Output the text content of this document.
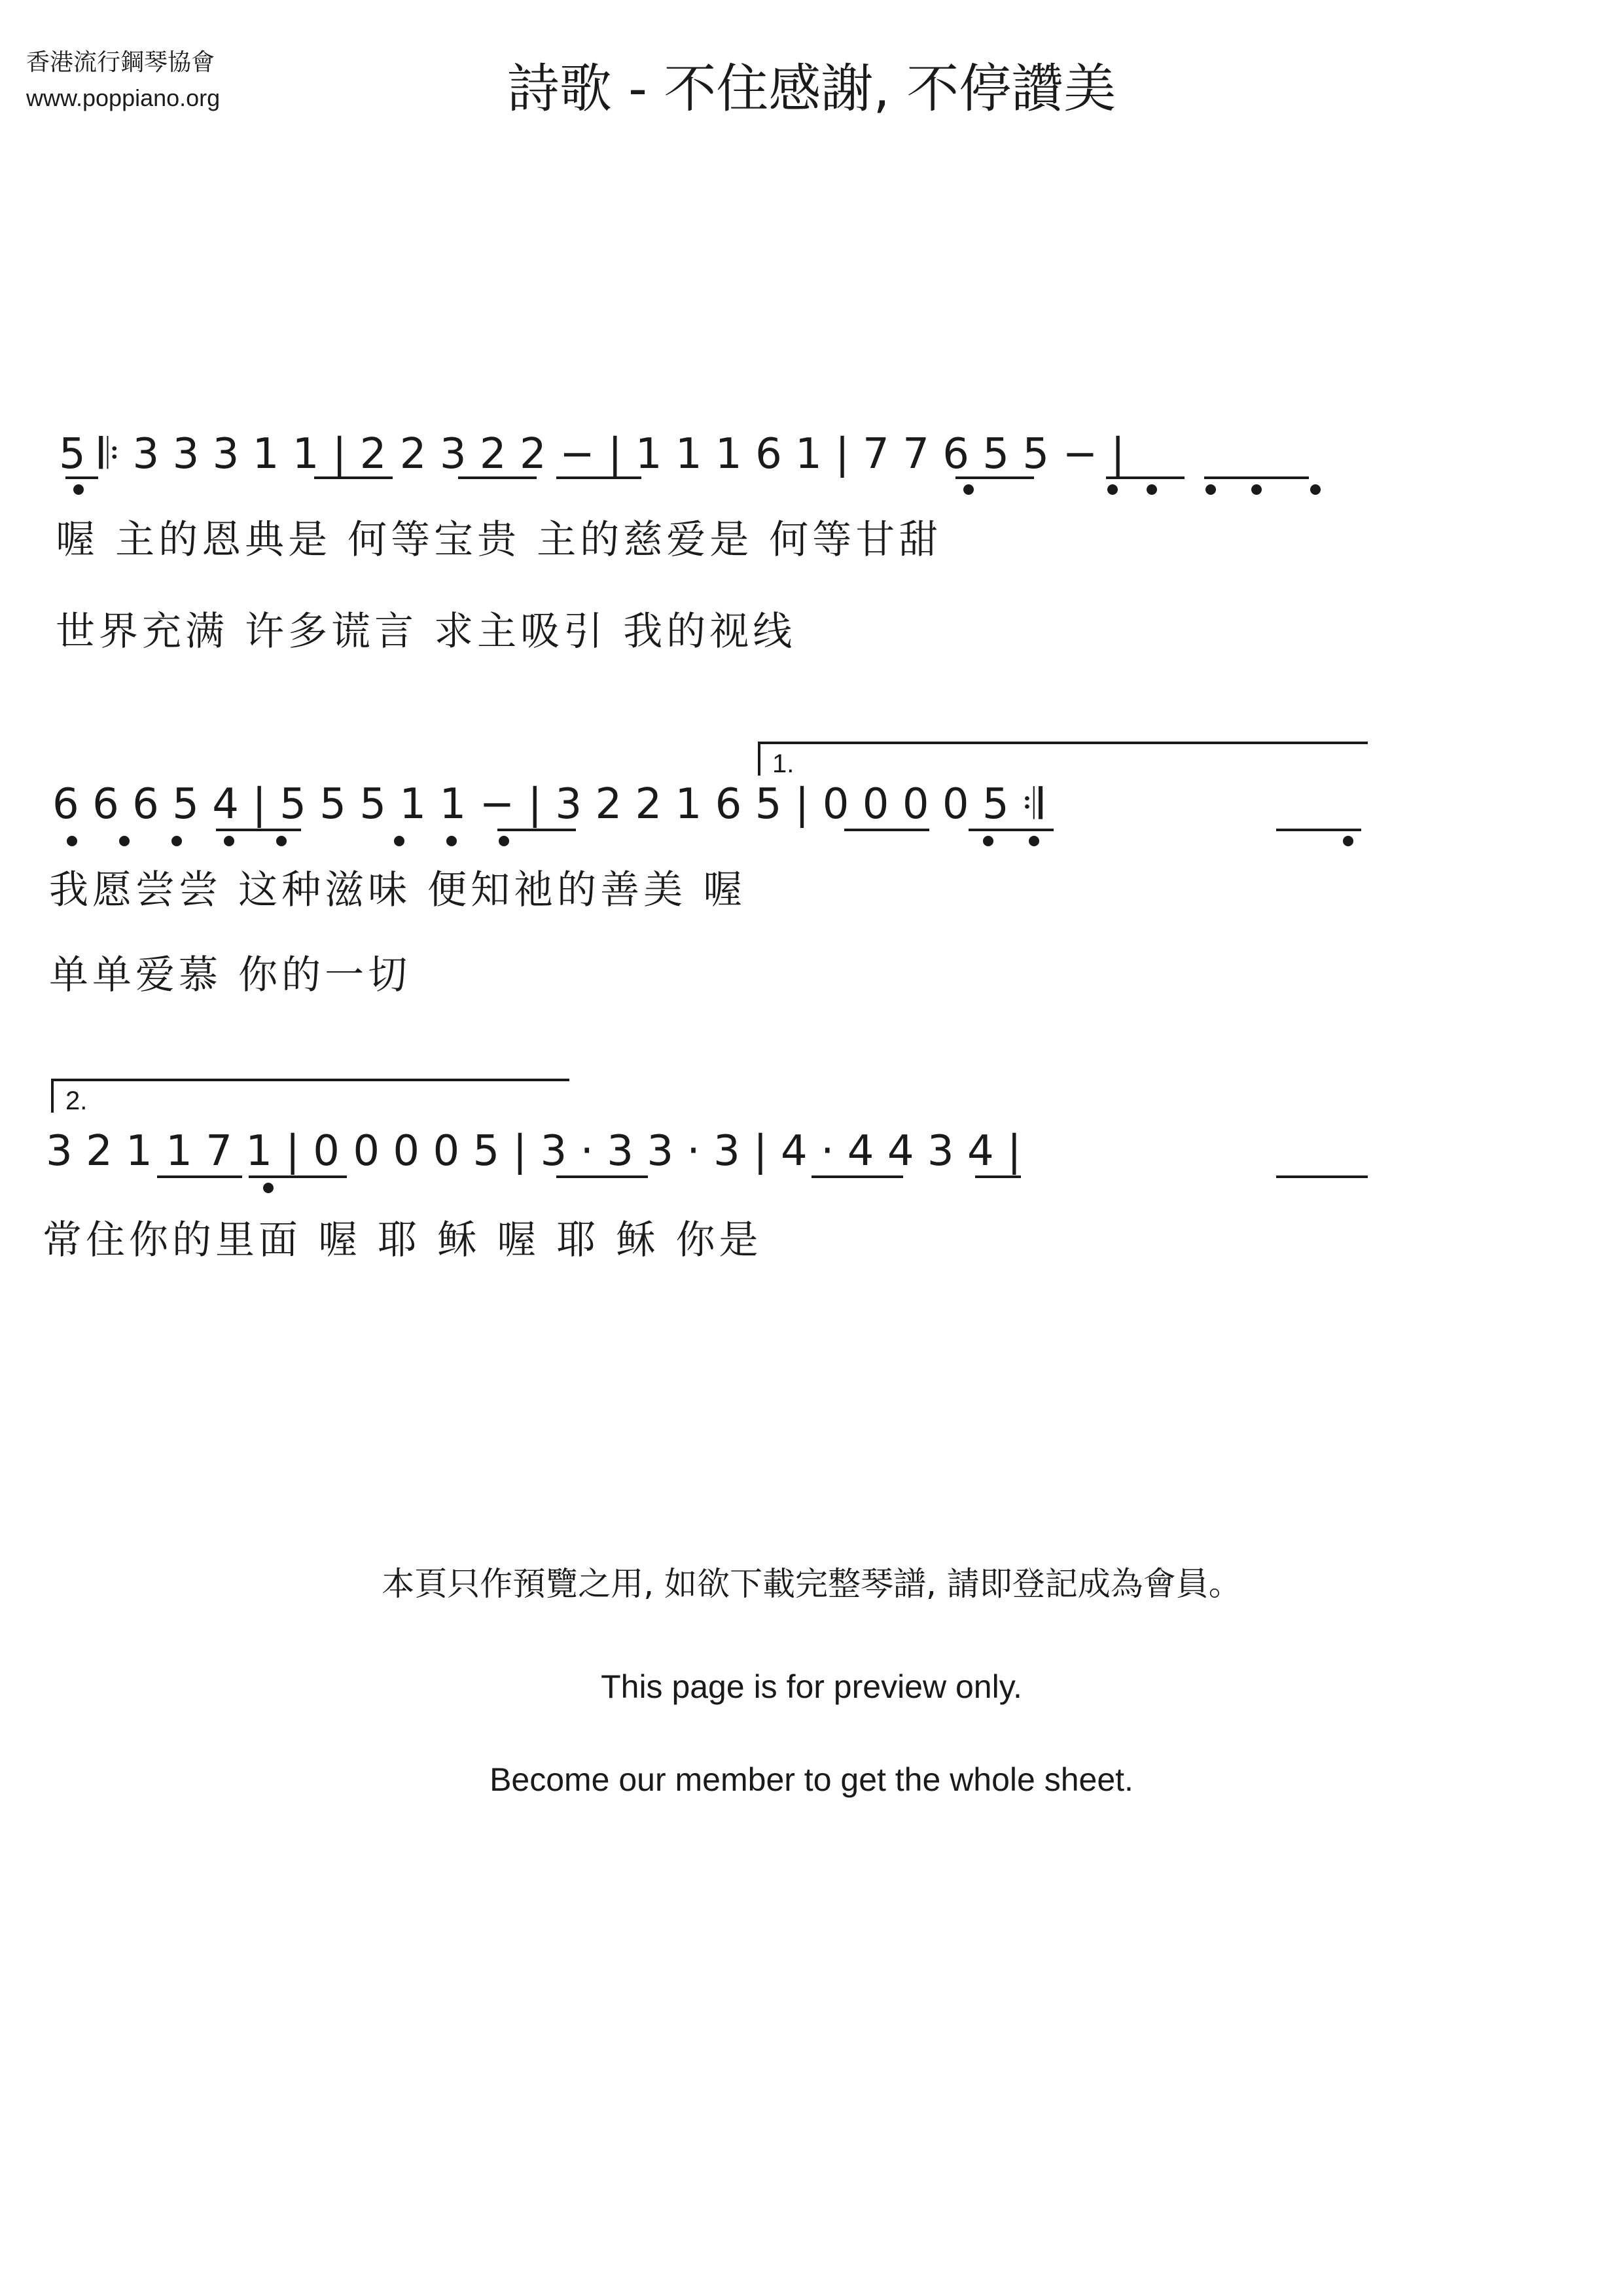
香港流行鋼琴協會
www.poppiano.org	詩歌 - 不住感謝, 不停讚美
5 𝄆 3 3 3 1 1 | 2 2 3 2 2 − | 1 1 1 6 1 | 7 7 6 5 5 − |
喔 主的恩典是 何等宝贵 主的慈爱是 何等甘甜
世界充满 许多谎言 求主吸引 我的视线
1.
6 6 6 5 4 | 5 5 5 1 1 − | 3 2 2 1 6 5 | 0 0 0 0 5 𝄇
我愿尝尝 这种滋味 便知祂的善美 喔
单单爱慕 你的一切
2.
3 2 1 1 7 1 | 0 0 0 0 5 | 3 · 3 3 · 3 | 4 · 4 4 3 4 |
常住你的里面 喔 耶 稣 喔 耶 稣 你是
本頁只作預覽之用, 如欲下載完整琴譜, 請即登記成為會員。
This page is for preview only.
Become our member to get the whole sheet.
